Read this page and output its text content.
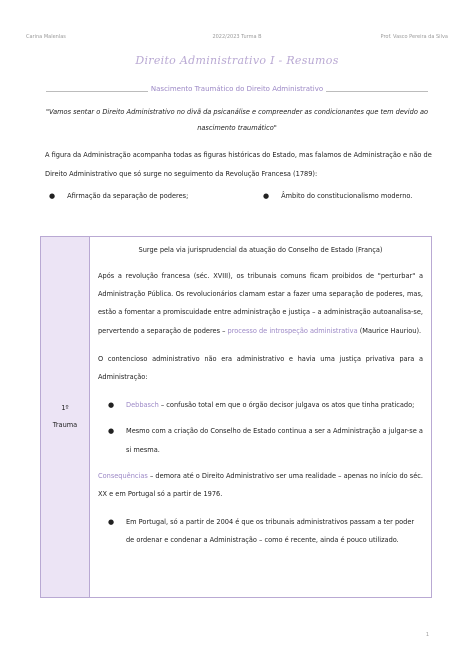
Carina Malenlas	2022/2023 Turma B	Prof. Vasco Pereira da Silva
Direito Administrativo I - Resumos
Nascimento Traumático do Direito Administrativo
"Vamos sentar o Direito Administrativo no divã da psicanálise e compreender as condicionantes que tem devido ao nascimento traumático"
A figura da Administração acompanha todas as figuras históricas do Estado, mas falamos de Administração e não de Direito Administrativo que só surge no seguimento da Revolução Francesa (1789):
● Afirmação da separação de poderes;	● Âmbito do constitucionalismo moderno.
1º
Trauma
Surge pela via jurisprudencial da atuação do Conselho de Estado (França)

Após a revolução francesa (séc. XVIII), os tribunais comuns ficam proibidos de "perturbar" a Administração Pública. Os revolucionários clamam estar a fazer uma separação de poderes, mas, estão a fomentar a promiscuidade entre administração e justiça – a administração autoanalisa-se, pervertendo a separação de poderes – processo de introspeção administrativa (Maurice Hauriou).

O contencioso administrativo não era administrativo e havia uma justiça privativa para a Administração:

●	Debbasch – confusão total em que o órgão decisor julgava os atos que tinha praticado;
●	Mesmo com a criação do Conselho de Estado continua a ser a Administração a julgar-se a si mesma.

Consequências – demora até o Direito Administrativo ser uma realidade – apenas no início do séc. XX e em Portugal só a partir de 1976.

●	Em Portugal, só a partir de 2004 é que os tribunais administrativos passam a ter poder de ordenar e condenar a Administração – como é recente, ainda é pouco utilizado.
1
